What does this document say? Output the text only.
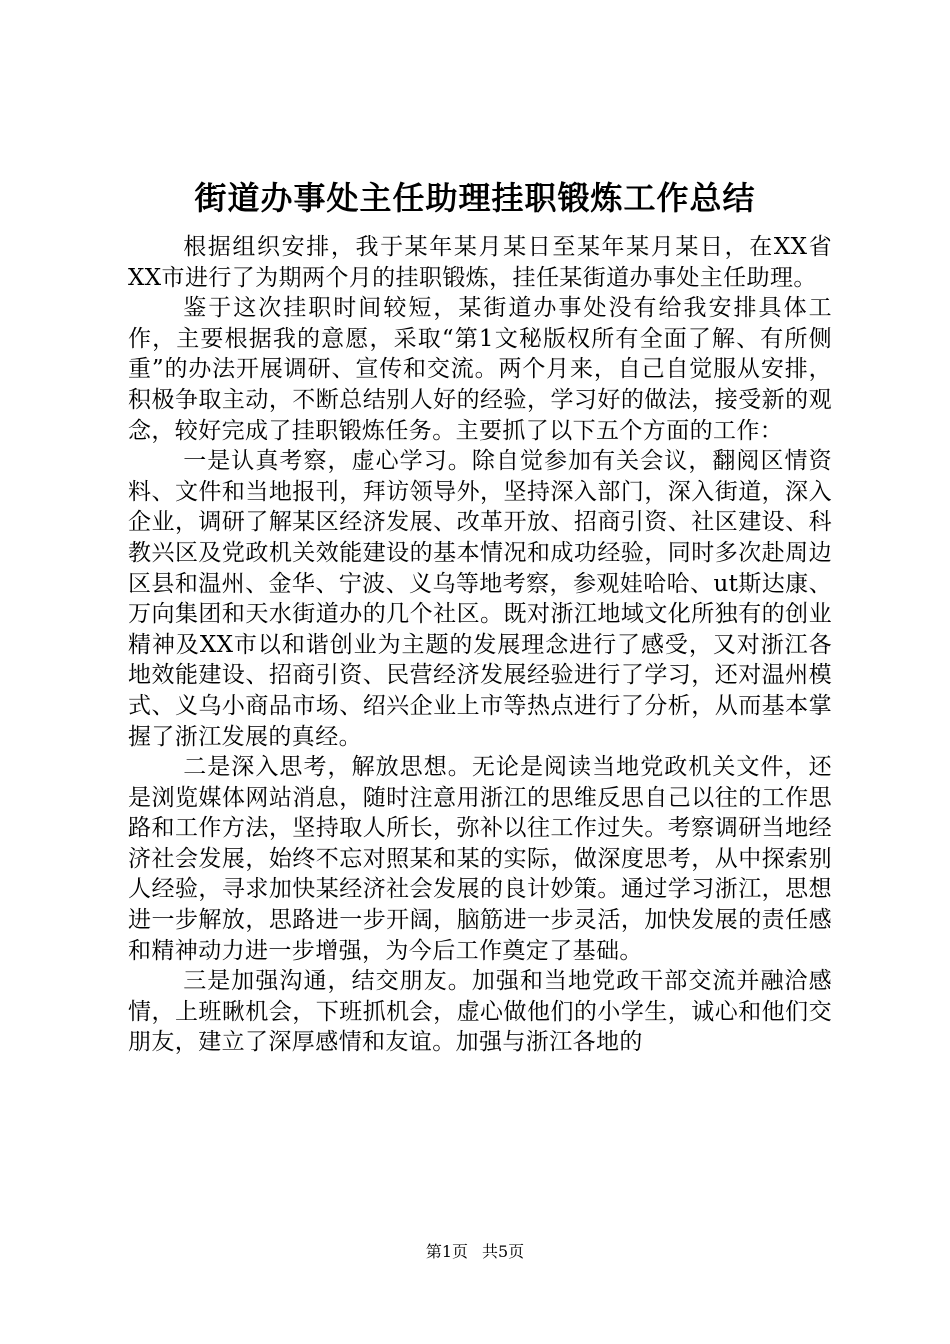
街道办事处主任助理挂职锻炼工作总结

根据组织安排，我于某年某月某日至某年某月某日，在XX省XX市进行了为期两个月的挂职锻炼，挂任某街道办事处主任助理。

鉴于这次挂职时间较短，某街道办事处没有给我安排具体工作，主要根据我的意愿，采取“第1文秘版权所有全面了解、有所侧重”的办法开展调研、宣传和交流。两个月来，自己自觉服从安排，积极争取主动，不断总结别人好的经验，学习好的做法，接受新的观念，较好完成了挂职锻炼任务。主要抓了以下五个方面的工作：

一是认真考察，虚心学习。除自觉参加有关会议，翻阅区情资料、文件和当地报刊，拜访领导外，坚持深入部门，深入街道，深入企业，调研了解某区经济发展、改革开放、招商引资、社区建设、科教兴区及党政机关效能建设的基本情况和成功经验，同时多次赴周边区县和温州、金华、宁波、义乌等地考察，参观娃哈哈、ut斯达康、万向集团和天水街道办的几个社区。既对浙江地域文化所独有的创业精神及XX市以和谐创业为主题的发展理念进行了感受，又对浙江各地效能建设、招商引资、民营经济发展经验进行了学习，还对温州模式、义乌小商品市场、绍兴企业上市等热点进行了分析，从而基本掌握了浙江发展的真经。

二是深入思考，解放思想。无论是阅读当地党政机关文件，还是浏览媒体网站消息，随时注意用浙江的思维反思自己以往的工作思路和工作方法，坚持取人所长，弥补以往工作过失。考察调研当地经济社会发展，始终不忘对照某和某的实际，做深度思考，从中探索别人经验，寻求加快某经济社会发展的良计妙策。通过学习浙江，思想进一步解放，思路进一步开阔，脑筋进一步灵活，加快发展的责任感和精神动力进一步增强，为今后工作奠定了基础。

三是加强沟通，结交朋友。加强和当地党政干部交流并融洽感情，上班瞅机会，下班抓机会，虚心做他们的小学生，诚心和他们交朋友，建立了深厚感情和友谊。加强与浙江各地的

第1页 共5页
